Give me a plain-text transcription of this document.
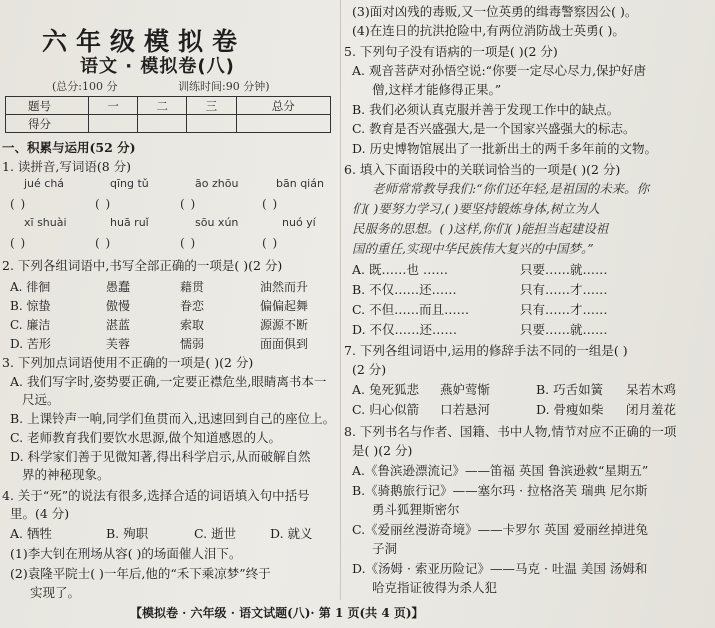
六年级模拟卷
语文 · 模拟卷(八)
(总分:100 分	训练时间:90 分钟)
题号	一	二	三	总分
得分				
一、积累与运用(52 分)
1. 读拼音,写词语(8 分)
jué chá	qīng tǔ	āo zhōu	bān qián
( )	( )	( )	( )
xī shuài	huā ruǐ	sōu xún	nuó yí
( )	( )	( )	( )
2. 下列各组词语中,书写全部正确的一项是( )(2 分)
A. 徘徊	愚蠢	藉贯	油然而升
B. 惊蛰	傲慢	眷恋	偏偏起舞
C. 廉洁	湛蓝	索取	源源不断
D. 苦形	芙蓉	懦弱	面面俱到
3. 下列加点词语使用不正确的一项是( )(2 分)
A. 我们写字时,姿势要正确,一定要正襟危坐,眼睛离书本一
尺远。
B. 上课铃声一响,同学们鱼贯而入,迅速回到自己的座位上。
C. 老师教育我们要饮水思源,做个知道感恩的人。
D. 科学家们善于见微知著,得出科学启示,从而破解自然
界的神秘现象。
4. 关于“死”的说法有很多,选择合适的词语填入句中括号
里。(4 分)
A. 牺牲	B. 殉职	C. 逝世	D. 就义
(1)李大钊在刑场从容( )的场面催人泪下。
(2)袁隆平院士( )一年后,他的“禾下乘凉梦”终于
实现了。
(3)面对凶残的毒贩,又一位英勇的缉毒警察因公( )。
(4)在连日的抗洪抢险中,有两位消防战士英勇( )。
5. 下列句子没有语病的一项是( )(2 分)
A. 观音菩萨对孙悟空说:“你要一定尽心尽力,保护好唐
僧,这样才能修得正果。”
B. 我们必须认真克服并善于发现工作中的缺点。
C. 教育是否兴盛强大,是一个国家兴盛强大的标志。
D. 历史博物馆展出了一批新出土的两千多年前的文物。
6. 填入下面语段中的关联词恰当的一项是( )(2 分)
老师常常教导我们:“你们还年轻,是祖国的未来。你
们( )要努力学习,( )要坚持锻炼身体,树立为人
民服务的思想。( )这样,你们( )能担当起建设祖
国的重任,实现中华民族伟大复兴的中国梦。”
A. 既……也 ……	只要……就……
B. 不仅……还……	只有……才……
C. 不但……而且……	只有……才……
D. 不仅……还……	只要……就……
7. 下列各组词语中,运用的修辞手法不同的一组是( )
(2 分)
A. 兔死狐悲 燕妒莺惭	B. 巧舌如簧 呆若木鸡
C. 归心似箭 口若悬河	D. 骨瘦如柴 闭月羞花
8. 下列书名与作者、国籍、书中人物,情节对应不正确的一项
是( )(2 分)
A.《鲁滨逊漂流记》——笛福 英国 鲁滨逊救“星期五”
B.《骑鹅旅行记》——塞尔玛 · 拉格洛芙 瑞典 尼尔斯
勇斗狐狸斯密尔
C.《爱丽丝漫游奇境》——卡罗尔 英国 爱丽丝掉进兔
子洞
D.《汤姆 · 索亚历险记》——马克 · 吐温 美国 汤姆和
哈克指证彼得为杀人犯
【模拟卷 · 六年级 · 语文试题(八)· 第 1 页(共 4 页)】
